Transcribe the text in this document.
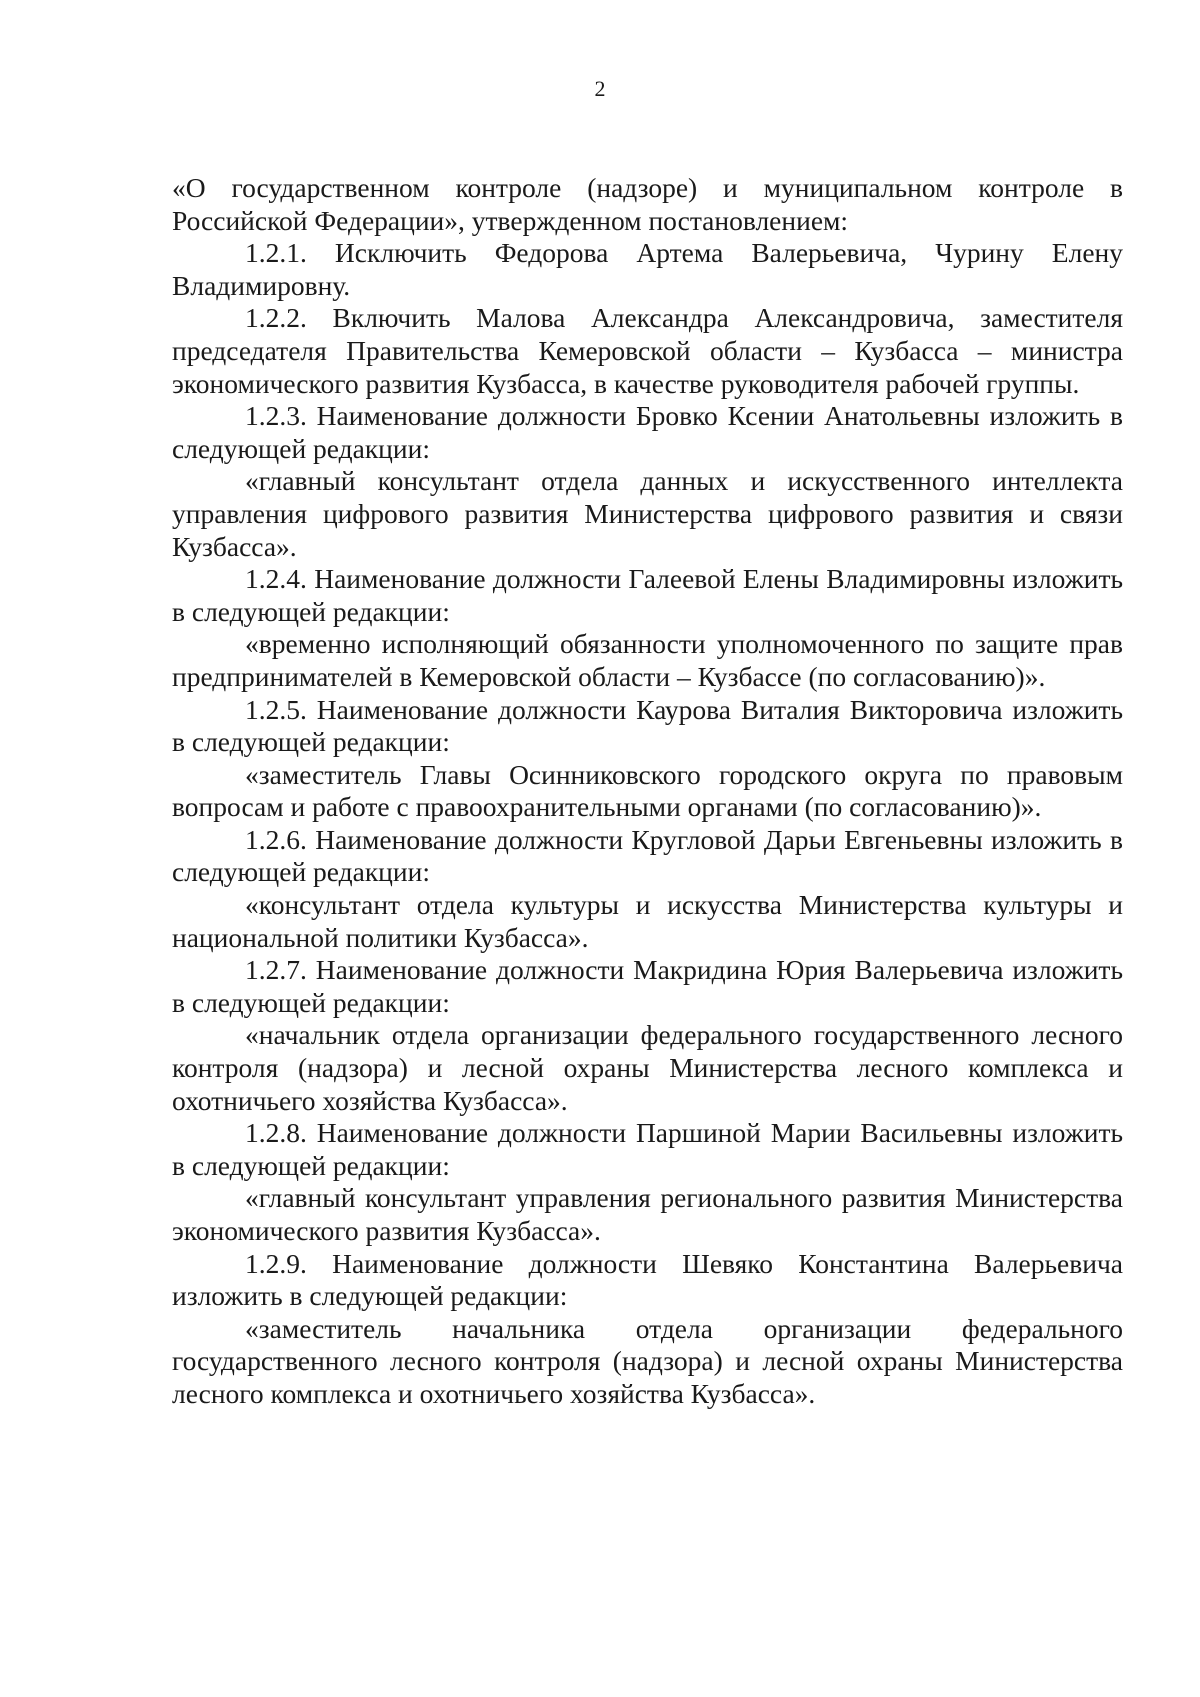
2

«О государственном контроле (надзоре) и муниципальном контроле в Российской Федерации», утвержденном постановлением:

1.2.1. Исключить Федорова Артема Валерьевича, Чурину Елену Владимировну.

1.2.2. Включить Малова Александра Александровича, заместителя председателя Правительства Кемеровской области – Кузбасса – министра экономического развития Кузбасса, в качестве руководителя рабочей группы.

1.2.3. Наименование должности Бровко Ксении Анатольевны изложить в следующей редакции:

«главный консультант отдела данных и искусственного интеллекта управления цифрового развития Министерства цифрового развития и связи Кузбасса».

1.2.4. Наименование должности Галеевой Елены Владимировны изложить в следующей редакции:

«временно исполняющий обязанности уполномоченного по защите прав предпринимателей в Кемеровской области – Кузбассе (по согласованию)».

1.2.5. Наименование должности Каурова Виталия Викторовича изложить в следующей редакции:

«заместитель Главы Осинниковского городского округа по правовым вопросам и работе с правоохранительными органами (по согласованию)».

1.2.6. Наименование должности Кругловой Дарьи Евгеньевны изложить в следующей редакции:

«консультант отдела культуры и искусства Министерства культуры и национальной политики Кузбасса».

1.2.7. Наименование должности Макридина Юрия Валерьевича изложить в следующей редакции:

«начальник отдела организации федерального государственного лесного контроля (надзора) и лесной охраны Министерства лесного комплекса и охотничьего хозяйства Кузбасса».

1.2.8. Наименование должности Паршиной Марии Васильевны изложить в следующей редакции:

«главный консультант управления регионального развития Министерства экономического развития Кузбасса».

1.2.9. Наименование должности Шевяко Константина Валерьевича изложить в следующей редакции:

«заместитель начальника отдела организации федерального государственного лесного контроля (надзора) и лесной охраны Министерства лесного комплекса и охотничьего хозяйства Кузбасса».
